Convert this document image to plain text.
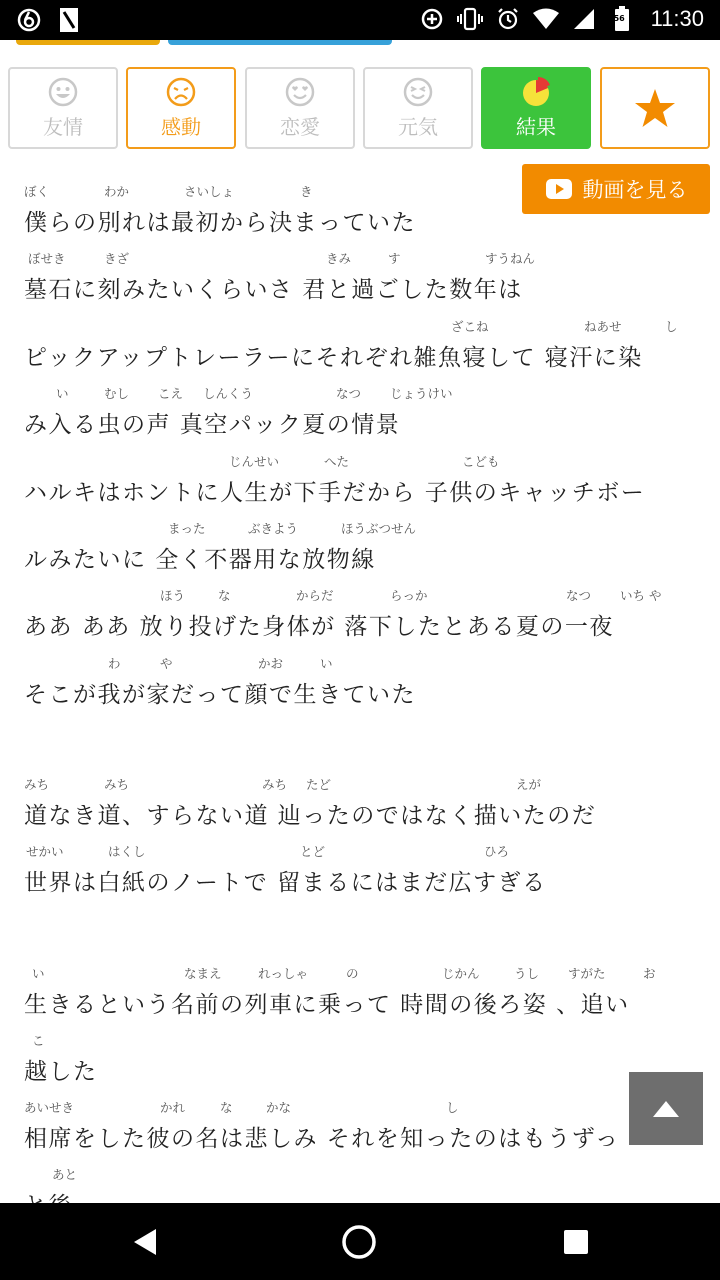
56 11:30
友情	感動	恋愛	元気	結果
ぼく	わか	さいしょ	き
僕らの別れは最初から決まっていた
ぼせき	きざ	きみ	す	すうねん
墓石に刻みたいくらいさ 君と過ごした数年は
ざこね	ねあせ	し
ピックアップトレーラーにそれぞれ雑魚寝して 寝汗に染
い	むし こえ しんくう	なつ じょうけい
み入る虫の声 真空パック夏の情景
じんせい	へた	こども
ハルキはホントに人生が下手だから 子供のキャッチボー
まった	ぶきよう	ほうぶつせん
ルみたいに 全く不器用な放物線
ほう	な	からだ	らっか	なつ いち や
ああ ああ 放り投げた身体が 落下したとある夏の一夜
わ	や	かお	い
そこが我が家だって顔で生きていた
みち	みち	みち たど	えが
道なき道、すらない道 辿ったのではなく描いたのだ
せかい	はくし	とど	ひろ
世界は白紙のノートで 留まるにはまだ広すぎる
い	なまえ	れっしゃ	の	じかん	うし すがた	お
生きるという名前の列車に乗って 時間の後ろ姿 、追い
こ
越した
あいせき	かれ	な	かな	し
相席をした彼の名は悲しみ それを知ったのはもうずっ
あと
動画を見る
